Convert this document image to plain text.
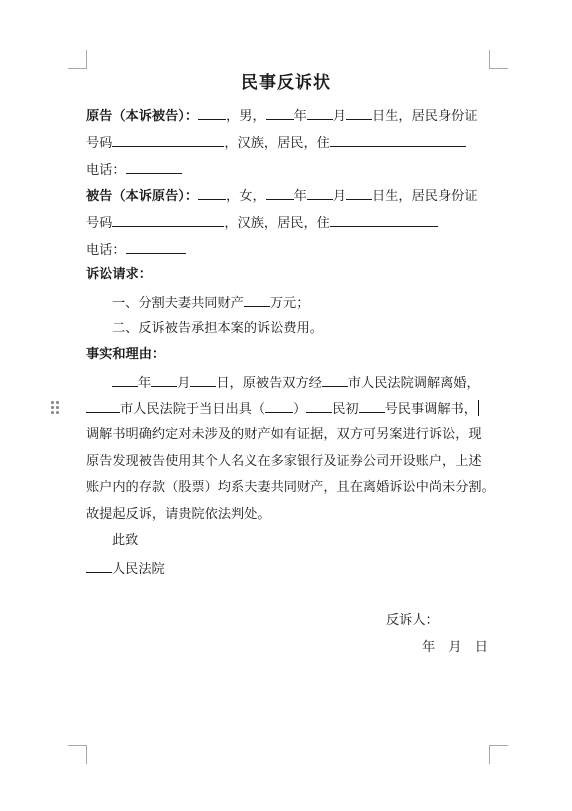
民事反诉状
原告（本诉被告）： ，男， 年 月 日生，居民身份证
号码	，汉族，居民，住
电话：
被告（本诉原告）： ，女， 年 月 日生，居民身份证
号码	，汉族，居民，住
电话：
诉讼请求：
一、分割夫妻共同财产 万元；
二、反诉被告承担本案的诉讼费用。
事实和理由：
年 月 日，原被告双方经 市人民法院调解离婚，
市人民法院于当日出具（ ） 民初 号民事调解书，
调解书明确约定对未涉及的财产如有证据，双方可另案进行诉讼，现
原告发现被告使用其个人名义在多家银行及证券公司开设账户，上述
账户内的存款（股票）均系夫妻共同财产，且在离婚诉讼中尚未分割。
故提起反诉，请贵院依法判处。
此致
人民法院
反诉人：
年　月　日
